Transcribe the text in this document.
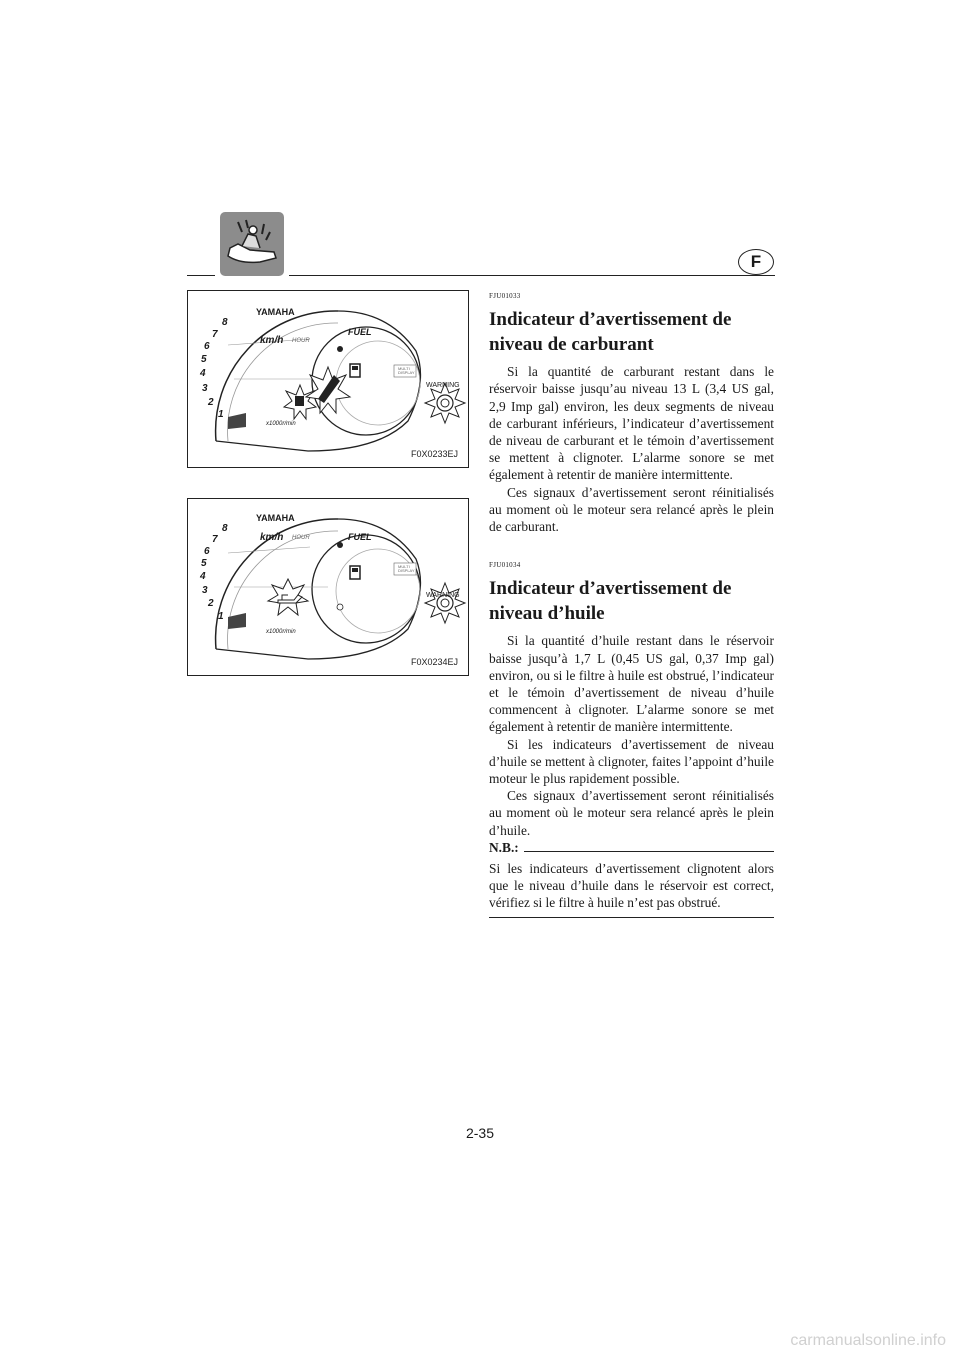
F
YAMAHA
km/h HOUR
FUEL
MULTI
DISPLAY
WARNING
x1000r/min
1
2
3
4
5
6
7
8
F0X0233EJ
YAMAHA
km/h HOUR	FUEL
MULTI
DISPLAY
WARNING
x1000r/min
1
2
3
4
5
6
7
8
F0X0234EJ
FJU01033
Indicateur d’avertissement de niveau de carburant

Si la quantité de carburant restant dans le réservoir baisse jusqu’au niveau 13 L (3,4 US gal, 2,9 Imp gal) environ, les deux segments de niveau de carburant inférieurs, l’indicateur d’avertissement de niveau de carburant et le témoin d’avertissement se mettent à clignoter. L’alarme sonore se met également à retentir de manière intermittente.

Ces signaux d’avertissement seront réinitialisés au moment où le moteur sera relancé après le plein de carburant.

FJU01034
Indicateur d’avertissement de niveau d’huile

Si la quantité d’huile restant dans le réservoir baisse jusqu’à 1,7 L (0,45 US gal, 0,37 Imp gal) environ, ou si le filtre à huile est obstrué, l’indicateur et le témoin d’avertissement de niveau d’huile commencent à clignoter. L’alarme sonore se met également à retentir de manière intermittente.

Si les indicateurs d’avertissement de niveau d’huile se mettent à clignoter, faites l’appoint d’huile moteur le plus rapidement possible.

Ces signaux d’avertissement seront réinitialisés au moment où le moteur sera relancé après le plein d’huile.

N.B.:

Si les indicateurs d’avertissement clignotent alors que le niveau d’huile dans le réservoir est correct, vérifiez si le filtre à huile n’est pas obstrué.

2-35
carmanualsonline.info
